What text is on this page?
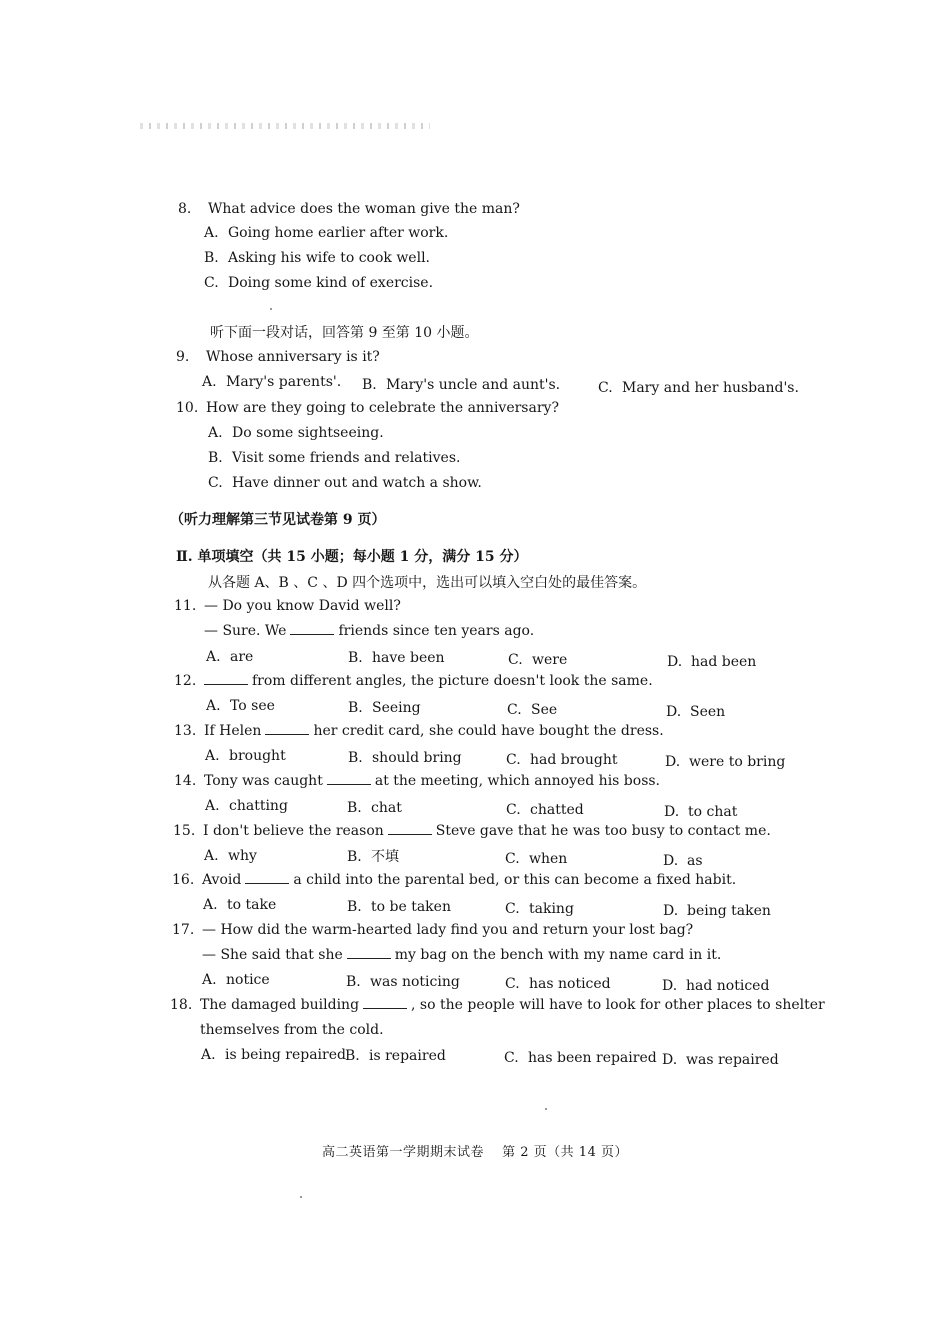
8. What advice does the woman give the man?
A. Going home earlier after work.
B. Asking his wife to cook well.
C. Doing some kind of exercise.
听下面一段对话，回答第 9 至第 10 小题。
9. Whose anniversary is it?
A. Mary's parents'. B. Mary's uncle and aunt's.	C. Mary and her husband's.
10. How are they going to celebrate the anniversary?
A. Do some sightseeing.
B. Visit some friends and relatives.
C. Have dinner out and watch a show.
（听力理解第三节见试卷第 9 页）
Ⅱ. 单项填空（共 15 小题；每小题 1 分，满分 15 分）
从各题 A、B 、C 、D 四个选项中，选出可以填入空白处的最佳答案。
11. — Do you know David well?
— Sure. We	friends since ten years ago.
A. are	B. have been	C. were	D. had been
12.	from different angles, the picture doesn't look the same.
A. To see	B. Seeing	C. See	D. Seen
13. If Helen	her credit card, she could have bought the dress.
A. brought	B. should bring	C. had brought	D. were to bring
14. Tony was caught	at the meeting, which annoyed his boss.
A. chatting	B. chat	C. chatted	D. to chat
15. I don't believe the reason	Steve gave that he was too busy to contact me.
A. why	B. 不填	C. when	D. as
16. Avoid	a child into the parental bed, or this can become a fixed habit.
A. to take	B. to be taken	C. taking	D. being taken
17. — How did the warm-hearted lady find you and return your lost bag?
— She said that she	my bag on the bench with my name card in it.
A. notice	B. was noticing	C. has noticed	D. had noticed
18. The damaged building	, so the people will have to look for other places to shelter
themselves from the cold.
A. is being repaired B. is repaired	C. has been repaired D. was repaired
高二英语第一学期期末试卷　 第 2 页（共 14 页）
